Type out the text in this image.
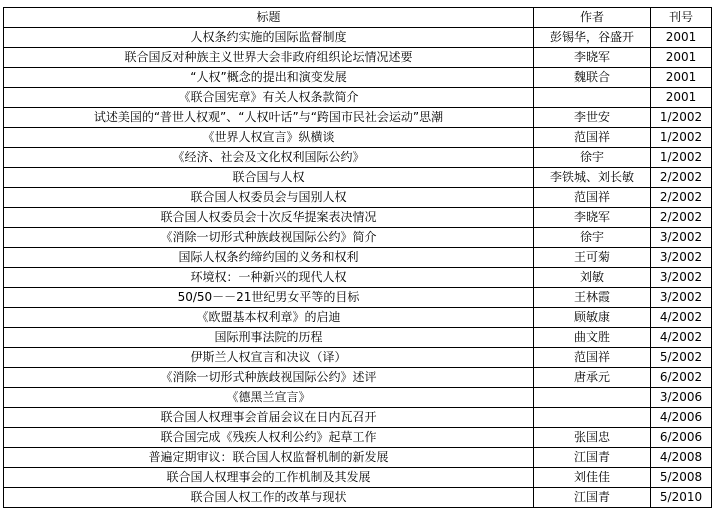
标题	作者	刊号
人权条约实施的国际监督制度	彭锡华，谷盛开	2001
联合国反对种族主义世界大会非政府组织论坛情况述要	李晓军	2001
“人权”概念的提出和演变发展	魏联合	2001
《联合国宪章》有关人权条款简介		2001
试述美国的“普世人权观”、“人权叶话”与“跨国市民社会运动”思潮	李世安	1/2002
《世界人权宣言》纵横谈	范国祥	1/2002
《经济、社会及文化权利国际公约》	徐宇	1/2002
联合国与人权	李铁城、刘长敏	2/2002
联合国人权委员会与国别人权	范国祥	2/2002
联合国人权委员会十次反华提案表决情况	李晓军	2/2002
《消除一切形式种族歧视国际公约》简介	徐宇	3/2002
国际人权条约缔约国的义务和权利	王可菊	3/2002
环境权：一种新兴的现代人权	刘敏	3/2002
50/50－－21世纪男女平等的目标	王林霞	3/2002
《欧盟基本权利章》的启迪	顾敏康	4/2002
国际刑事法院的历程	曲文胜	4/2002
伊斯兰人权宣言和决议（译）	范国祥	5/2002
《消除一切形式种族歧视国际公约》述评	唐承元	6/2002
《德黑兰宣言》		3/2006
联合国人权理事会首届会议在日内瓦召开		4/2006
联合国完成《残疾人权利公约》起草工作	张国忠	6/2006
普遍定期审议：联合国人权监督机制的新发展	江国青	4/2008
联合国人权理事会的工作机制及其发展	刘佳佳	5/2008
联合国人权工作的改革与现状	江国青	5/2010
